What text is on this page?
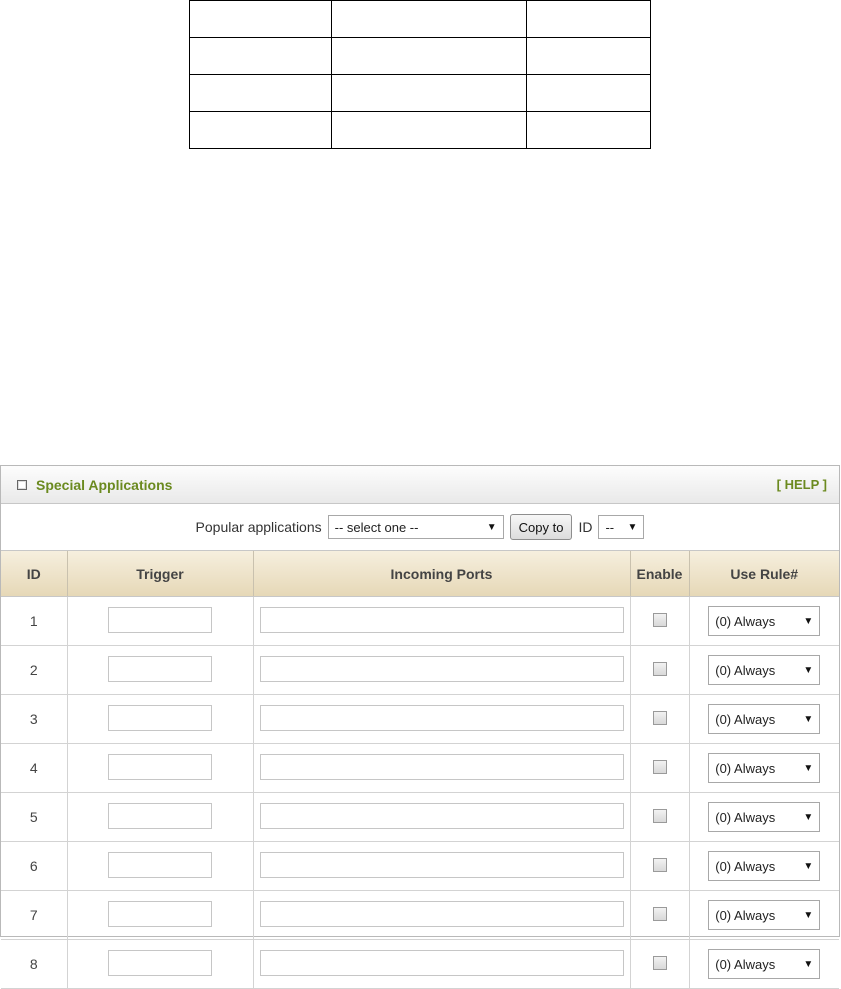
Special Applications	[ HELP ]
Popular applications -- select one --	▼	Copy to	ID -- ▼
ID	Trigger	Incoming Ports	Enable	Use Rule#
1				(0) Always ▼

2				(0) Always ▼

3				(0) Always ▼

4				(0) Always ▼

5				(0) Always ▼

6				(0) Always ▼

7				(0) Always ▼

8				(0) Always ▼
